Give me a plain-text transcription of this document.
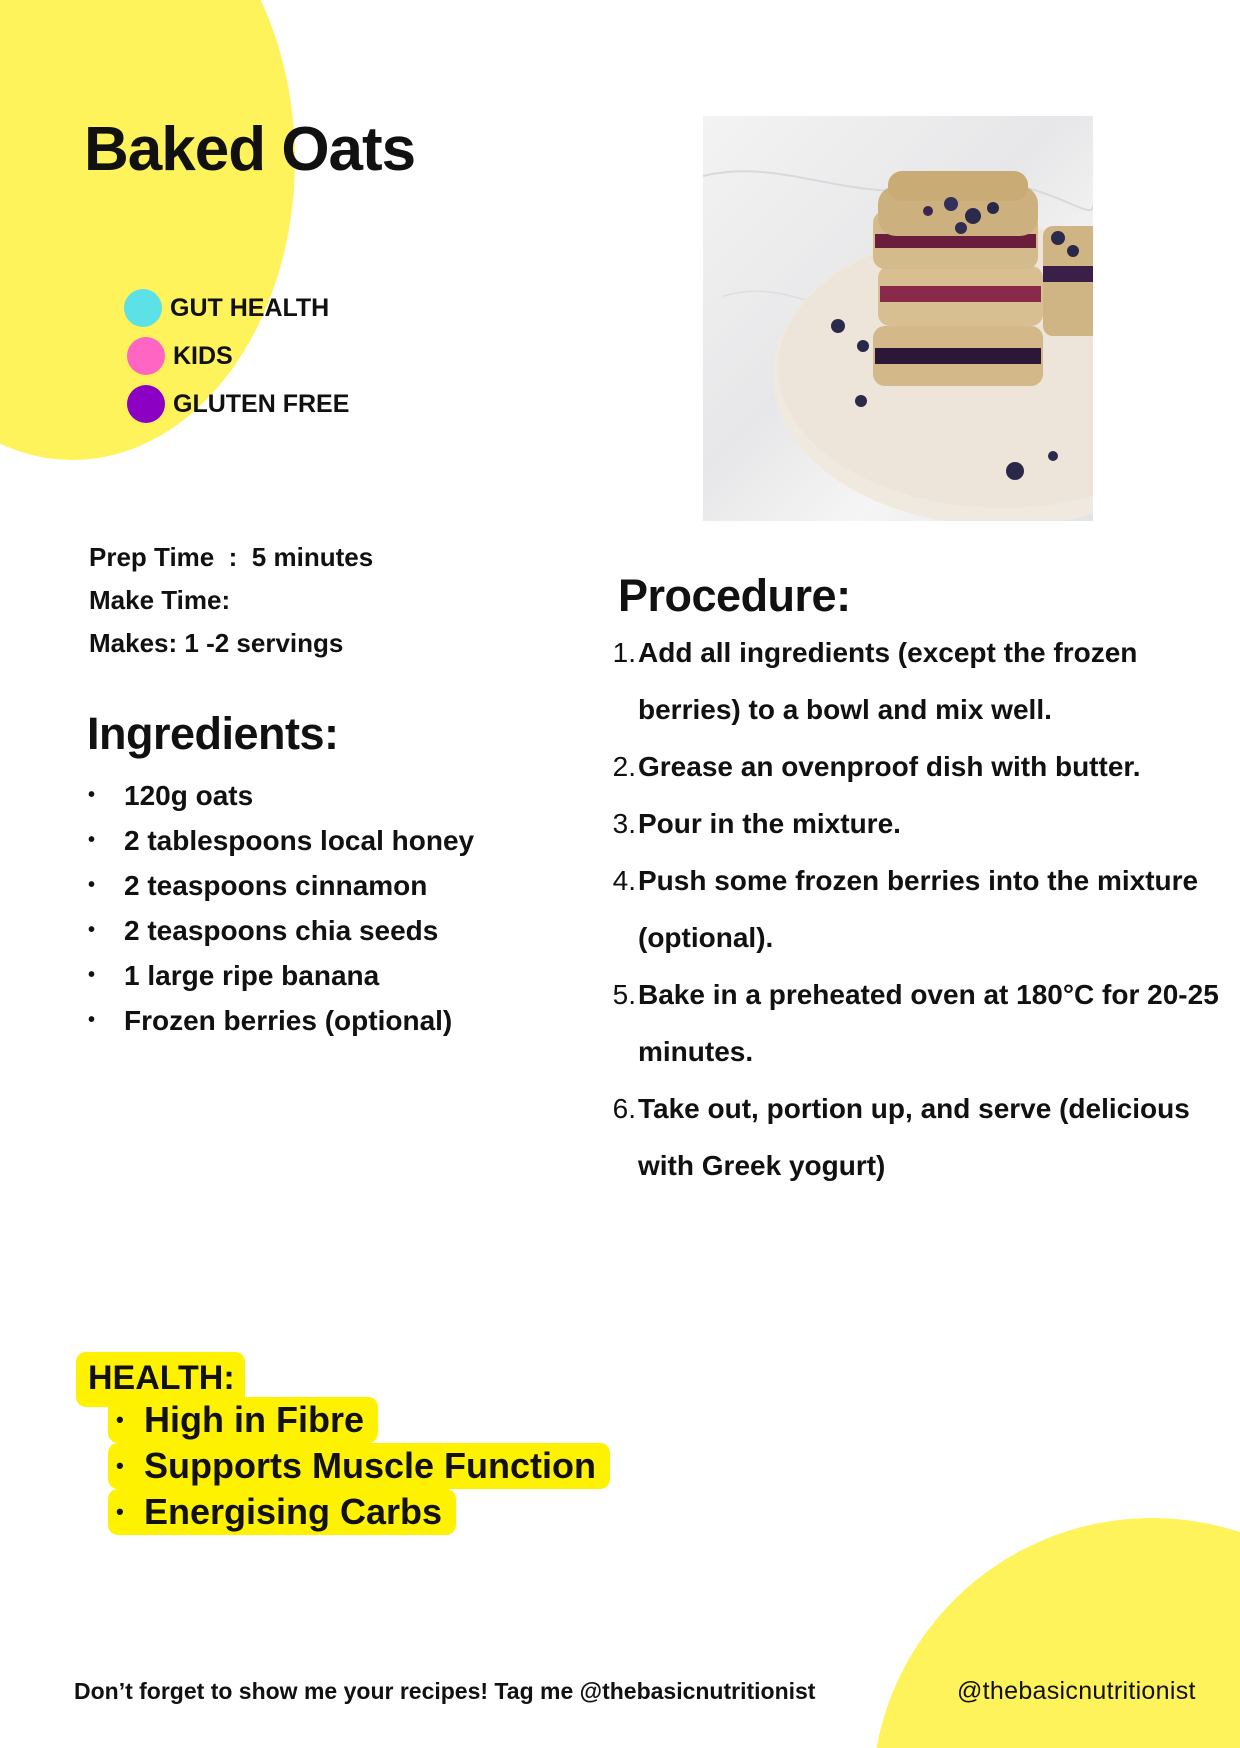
Baked Oats
GUT HEALTH
KIDS
GLUTEN FREE
Prep Time  :  5 minutes
Make Time:
Makes: 1 -2 servings
Ingredients:
•	120g oats
•	2 tablespoons local honey
•	2 teaspoons cinnamon
•	2 teaspoons chia seeds
•	1 large ripe banana
•	Frozen berries (optional)
Procedure:
1. Add all ingredients (except the frozen berries) to a bowl and mix well.
2. Grease an ovenproof dish with butter.
3. Pour in the mixture.
4. Push some frozen berries into the mixture (optional).
5. Bake in a preheated oven at 180°C for 20-25 minutes.
6. Take out, portion up, and serve (delicious with Greek yogurt)
HEALTH:
• High in Fibre
• Supports Muscle Function
• Energising Carbs
Don’t forget to show me your recipes! Tag me @thebasicnutritionist	@thebasicnutritionist
